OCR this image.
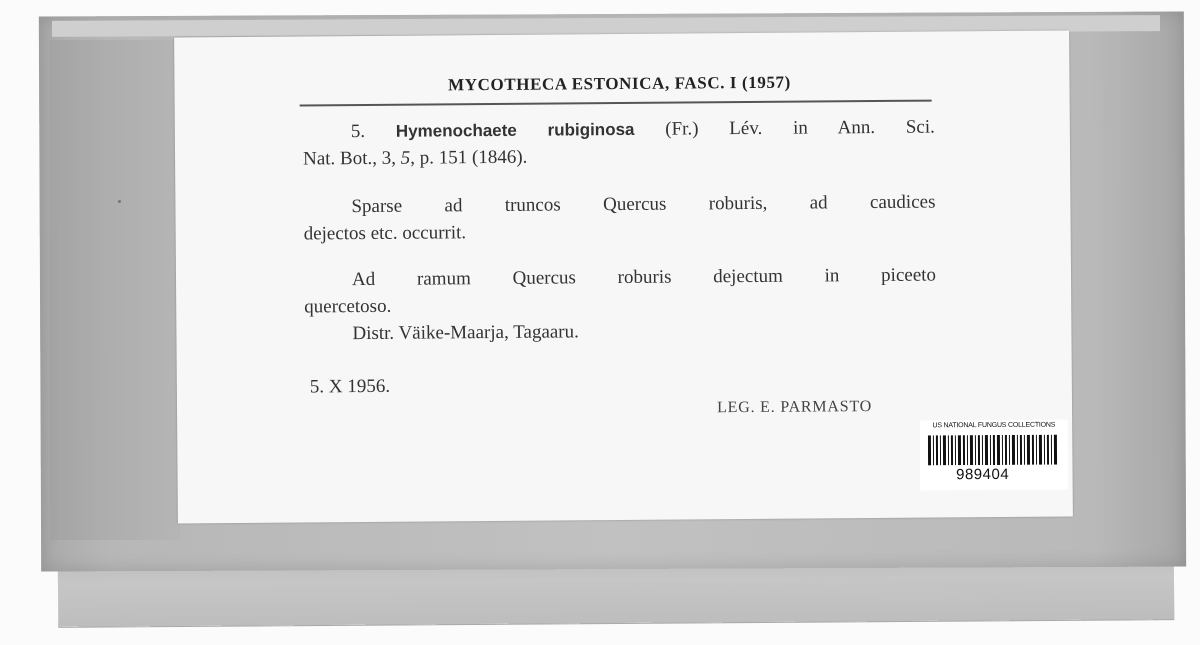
MYCOTHECA ESTONICA, FASC. I (1957)
5. Hymenochaete rubiginosa (Fr.) Lév. in Ann. Sci.
Nat. Bot., 3, 5, p. 151 (1846).
Sparse ad truncos Quercus roburis, ad caudices
dejectos etc. occurrit.
Ad ramum Quercus roburis dejectum in piceeto
quercetoso.
Distr. Väike-Maarja, Tagaaru.
5. X 1956.
LEG. E. PARMASTO
US NATIONAL FUNGUS COLLECTIONS
989404
